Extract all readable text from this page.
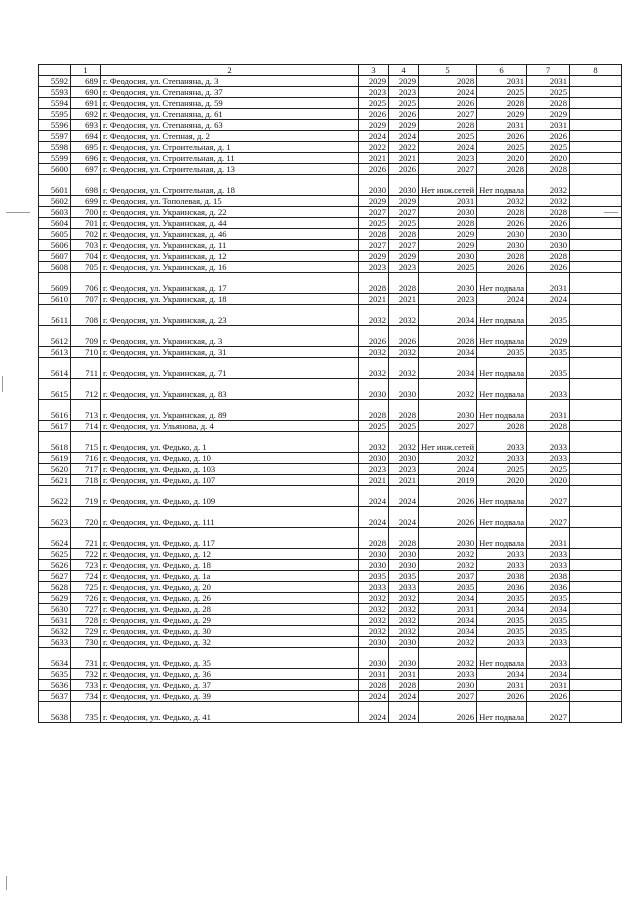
	1	2	3	4	5	6	7	8
5592	689	г. Феодосия, ул. Степаняна, д. 3	2029	2029	2028	2031	2031	
5593	690	г. Феодосия, ул. Степаняна, д. 37	2023	2023	2024	2025	2025	
5594	691	г. Феодосия, ул. Степаняна, д. 59	2025	2025	2026	2028	2028	
5595	692	г. Феодосия, ул. Степаняна, д. 61	2026	2026	2027	2029	2029	
5596	693	г. Феодосия, ул. Степаняна, д. 63	2029	2029	2028	2031	2031	
5597	694	г. Феодосия, ул. Степная, д. 2	2024	2024	2025	2026	2026	
5598	695	г. Феодосия, ул. Строительная, д. 1	2022	2022	2024	2025	2025	
5599	696	г. Феодосия, ул. Строительная, д. 11	2021	2021	2023	2020	2020	
5600	697	г. Феодосия, ул. Строительная, д. 13	2026	2026	2027	2028	2028	
5601	698	г. Феодосия, ул. Строительная, д. 18	2030	2030	Нет инж.сетей	Нет подвала	2032	
5602	699	г. Феодосия, ул. Тополевая, д. 15	2029	2029	2031	2032	2032	
5603	700	г. Феодосия, ул. Украинская, д. 22	2027	2027	2030	2028	2028	
5604	701	г. Феодосия, ул. Украинская, д. 44	2025	2025	2028	2026	2026	
5605	702	г. Феодосия, ул. Украинская, д. 46	2028	2028	2029	2030	2030	
5606	703	г. Феодосия, ул. Украинская, д. 11	2027	2027	2029	2030	2030	
5607	704	г. Феодосия, ул. Украинская, д. 12	2029	2029	2030	2028	2028	
5608	705	г. Феодосия, ул. Украинская, д. 16	2023	2023	2025	2026	2026	
5609	706	г. Феодосия, ул. Украинская, д. 17	2028	2028	2030	Нет подвала	2031	
5610	707	г. Феодосия, ул. Украинская, д. 18	2021	2021	2023	2024	2024	
5611	708	г. Феодосия, ул. Украинская, д. 23	2032	2032	2034	Нет подвала	2035	
5612	709	г. Феодосия, ул. Украинская, д. 3	2026	2026	2028	Нет подвала	2029	
5613	710	г. Феодосия, ул. Украинская, д. 31	2032	2032	2034	2035	2035	
5614	711	г. Феодосия, ул. Украинская, д. 71	2032	2032	2034	Нет подвала	2035	
5615	712	г. Феодосия, ул. Украинская, д. 83	2030	2030	2032	Нет подвала	2033	
5616	713	г. Феодосия, ул. Украинская, д. 89	2028	2028	2030	Нет подвала	2031	
5617	714	г. Феодосия, ул. Ульянова, д. 4	2025	2025	2027	2028	2028	
5618	715	г. Феодосия, ул. Федько, д. 1	2032	2032	Нет инж.сетей	2033	2033	
5619	716	г. Феодосия, ул. Федько, д. 10	2030	2030	2032	2033	2033	
5620	717	г. Феодосия, ул. Федько, д. 103	2023	2023	2024	2025	2025	
5621	718	г. Феодосия, ул. Федько, д. 107	2021	2021	2019	2020	2020	
5622	719	г. Феодосия, ул. Федько, д. 109	2024	2024	2026	Нет подвала	2027	
5623	720	г. Феодосия, ул. Федько, д. 111	2024	2024	2026	Нет подвала	2027	
5624	721	г. Феодосия, ул. Федько, д. 117	2028	2028	2030	Нет подвала	2031	
5625	722	г. Феодосия, ул. Федько, д. 12	2030	2030	2032	2033	2033	
5626	723	г. Феодосия, ул. Федько, д. 18	2030	2030	2032	2033	2033	
5627	724	г. Феодосия, ул. Федько, д. 1а	2035	2035	2037	2038	2038	
5628	725	г. Феодосия, ул. Федько, д. 20	2033	2033	2035	2036	2036	
5629	726	г. Феодосия, ул. Федько, д. 26	2032	2032	2034	2035	2035	
5630	727	г. Феодосия, ул. Федько, д. 28	2032	2032	2031	2034	2034	
5631	728	г. Феодосия, ул. Федько, д. 29	2032	2032	2034	2035	2035	
5632	729	г. Феодосия, ул. Федько, д. 30	2032	2032	2034	2035	2035	
5633	730	г. Феодосия, ул. Федько, д. 32	2030	2030	2032	2033	2033	
5634	731	г. Феодосия, ул. Федько, д. 35	2030	2030	2032	Нет подвала	2033	
5635	732	г. Феодосия, ул. Федько, д. 36	2031	2031	2033	2034	2034	
5636	733	г. Феодосия, ул. Федько, д. 37	2028	2028	2030	2031	2031	
5637	734	г. Феодосия, ул. Федько, д. 39	2024	2024	2027	2026	2026	
5638	735	г. Феодосия, ул. Федько, д. 41	2024	2024	2026	Нет подвала	2027	
